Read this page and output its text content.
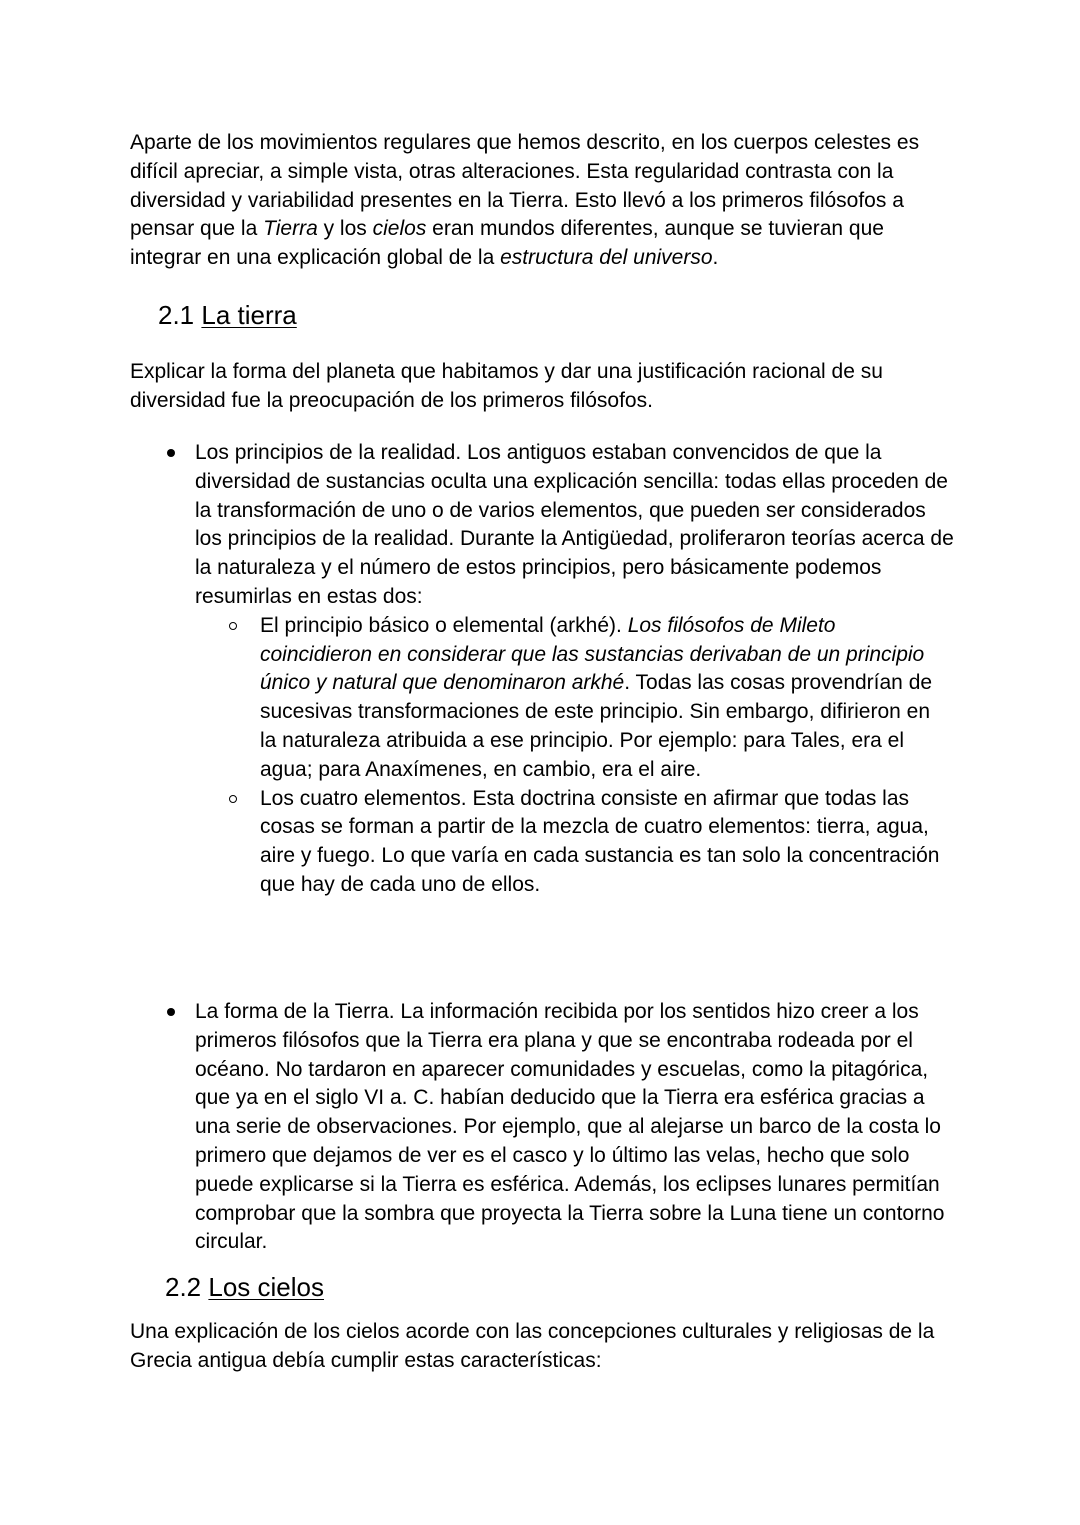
Aparte de los movimientos regulares que hemos descrito, en los cuerpos celestes es difícil apreciar, a simple vista, otras alteraciones. Esta regularidad contrasta con la diversidad y variabilidad presentes en la Tierra. Esto llevó a los primeros filósofos a pensar que la Tierra y los cielos eran mundos diferentes, aunque se tuvieran que integrar en una explicación global de la estructura del universo.

2.1 La tierra

Explicar la forma del planeta que habitamos y dar una justificación racional de su diversidad fue la preocupación de los primeros filósofos.

Los principios de la realidad. Los antiguos estaban convencidos de que la diversidad de sustancias oculta una explicación sencilla: todas ellas proceden de la transformación de uno o de varios elementos, que pueden ser considerados los principios de la realidad. Durante la Antigüedad, proliferaron teorías acerca de la naturaleza y el número de estos principios, pero básicamente podemos resumirlas en estas dos:

El principio básico o elemental (arkhé). Los filósofos de Mileto coincidieron en considerar que las sustancias derivaban de un principio único y natural que denominaron arkhé. Todas las cosas provendrían de sucesivas transformaciones de este principio. Sin embargo, difirieron en la naturaleza atribuida a ese principio. Por ejemplo: para Tales, era el agua; para Anaxímenes, en cambio, era el aire.

Los cuatro elementos. Esta doctrina consiste en afirmar que todas las cosas se forman a partir de la mezcla de cuatro elementos: tierra, agua, aire y fuego. Lo que varía en cada sustancia es tan solo la concentración que hay de cada uno de ellos.

La forma de la Tierra. La información recibida por los sentidos hizo creer a los primeros filósofos que la Tierra era plana y que se encontraba rodeada por el océano. No tardaron en aparecer comunidades y escuelas, como la pitagórica, que ya en el siglo VI a. C. habían deducido que la Tierra era esférica gracias a una serie de observaciones. Por ejemplo, que al alejarse un barco de la costa lo primero que dejamos de ver es el casco y lo último las velas, hecho que solo puede explicarse si la Tierra es esférica. Además, los eclipses lunares permitían comprobar que la sombra que proyecta la Tierra sobre la Luna tiene un contorno circular.

2.2 Los cielos

Una explicación de los cielos acorde con las concepciones culturales y religiosas de la Grecia antigua debía cumplir estas características:
